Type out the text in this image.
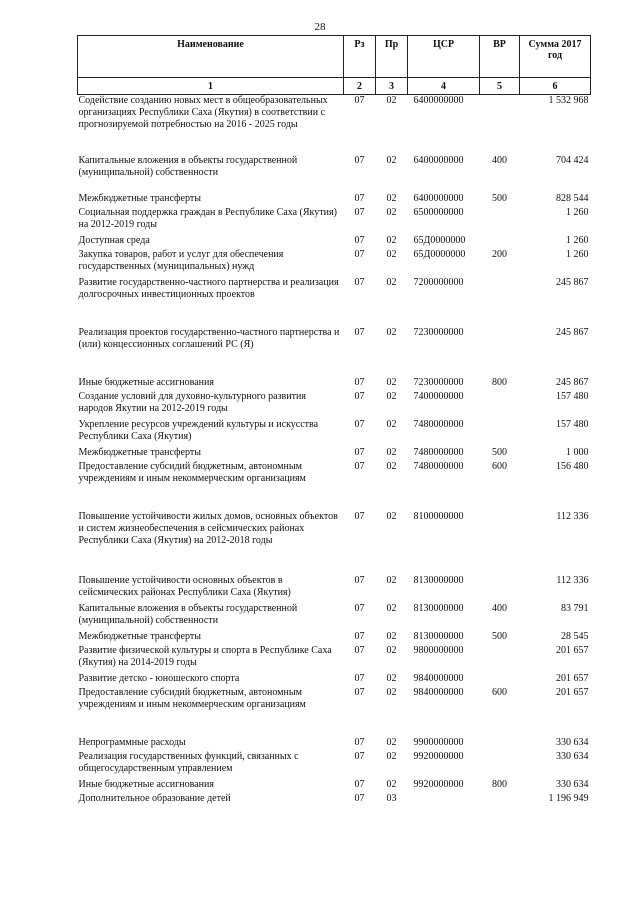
28
Наименование	Рз	Пр	ЦСР	ВР	Сумма 2017 год
1	2	3	4	5	6
Содействие созданию новых мест в общеобразовательных организациях Республики Саха (Якутия) в соответствии с прогнозируемой потребностью на 2016 - 2025 годы	07	02	6400000000		1 532 968
Капитальные вложения в объекты государственной (муниципальной) собственности	07	02	6400000000	400	704 424
Межбюджетные трансферты	07	02	6400000000	500	828 544
Социальная поддержка граждан в Республике Саха (Якутия) на 2012-2019 годы	07	02	6500000000		1 260
Доступная среда	07	02	65Д0000000		1 260
Закупка товаров, работ и услуг для обеспечения государственных (муниципальных) нужд	07	02	65Д0000000	200	1 260
Развитие государственно-частного партнерства и реализация долгосрочных инвестиционных проектов	07	02	7200000000		245 867
Реализация проектов государственно-частного партнерства и (или) концессионных соглашений РС (Я)	07	02	7230000000		245 867
Иные бюджетные ассигнования	07	02	7230000000	800	245 867
Создание условий для духовно-культурного развития народов Якутии на 2012-2019 годы	07	02	7400000000		157 480
Укрепление ресурсов учреждений культуры и искусства Республики Саха (Якутия)	07	02	7480000000		157 480
Межбюджетные трансферты	07	02	7480000000	500	1 000
Предоставление субсидий бюджетным, автономным учреждениям и иным некоммерческим организациям	07	02	7480000000	600	156 480
Повышение устойчивости жилых домов, основных объектов и систем жизнеобеспечения в сейсмических районах Республики Саха (Якутия) на 2012-2018 годы	07	02	8100000000		112 336
Повышение устойчивости основных объектов в сейсмических районах Республики Саха (Якутия)	07	02	8130000000		112 336
Капитальные вложения в объекты государственной (муниципальной) собственности	07	02	8130000000	400	83 791
Межбюджетные трансферты	07	02	8130000000	500	28 545
Развитие физической культуры и спорта в Республике Саха (Якутия) на 2014-2019 годы	07	02	9800000000		201 657
Развитие детско - юношеского спорта	07	02	9840000000		201 657
Предоставление субсидий бюджетным, автономным учреждениям и иным некоммерческим организациям	07	02	9840000000	600	201 657
Непрограммные расходы	07	02	9900000000		330 634
Реализация государственных функций, связанных с общегосударственным управлением	07	02	9920000000		330 634
Иные бюджетные ассигнования	07	02	9920000000	800	330 634
Дополнительное образование детей	07	03			1 196 949
